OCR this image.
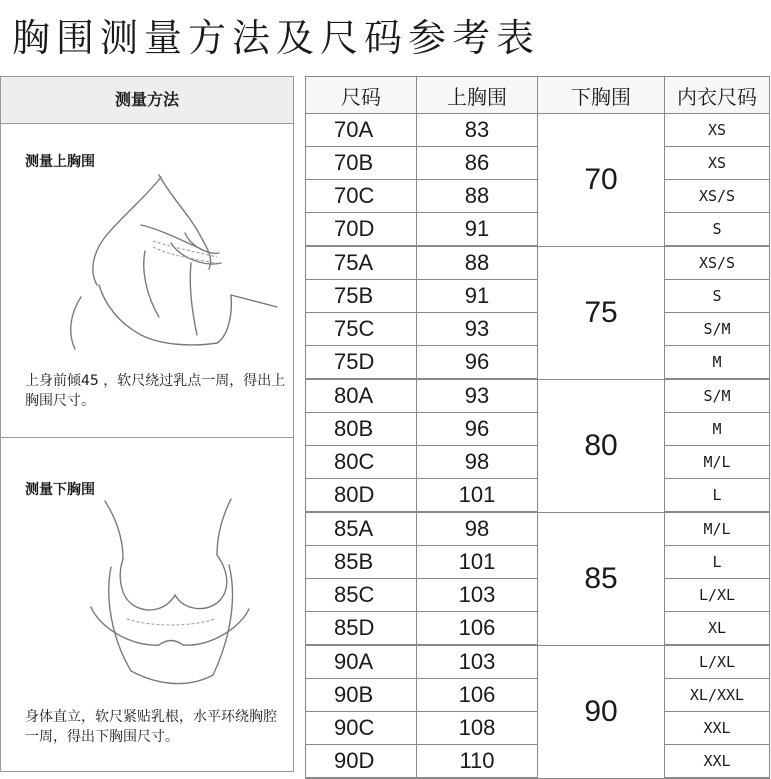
胸围测量方法及尺码参考表
测量方法
测量上胸围
上身前倾45 ，软尺绕过乳点一周，得出上胸围尺寸。
测量下胸围
身体直立，软尺紧贴乳根，水平环绕胸腔一周，得出下胸围尺寸。
尺码	上胸围	下胸围	内衣尺码
70A	83	70	XS
70B	86		XS
70C	88		XS/S
70D	91		S
75A	88	75	XS/S
75B	91		S
75C	93		S/M
75D	96		M
80A	93	80	S/M
80B	96		M
80C	98		M/L
80D	101		L
85A	98	85	M/L
85B	101		L
85C	103		L/XL
85D	106		XL
90A	103	90	L/XL
90B	106		XL/XXL
90C	108		XXL
90D	110		XXL
